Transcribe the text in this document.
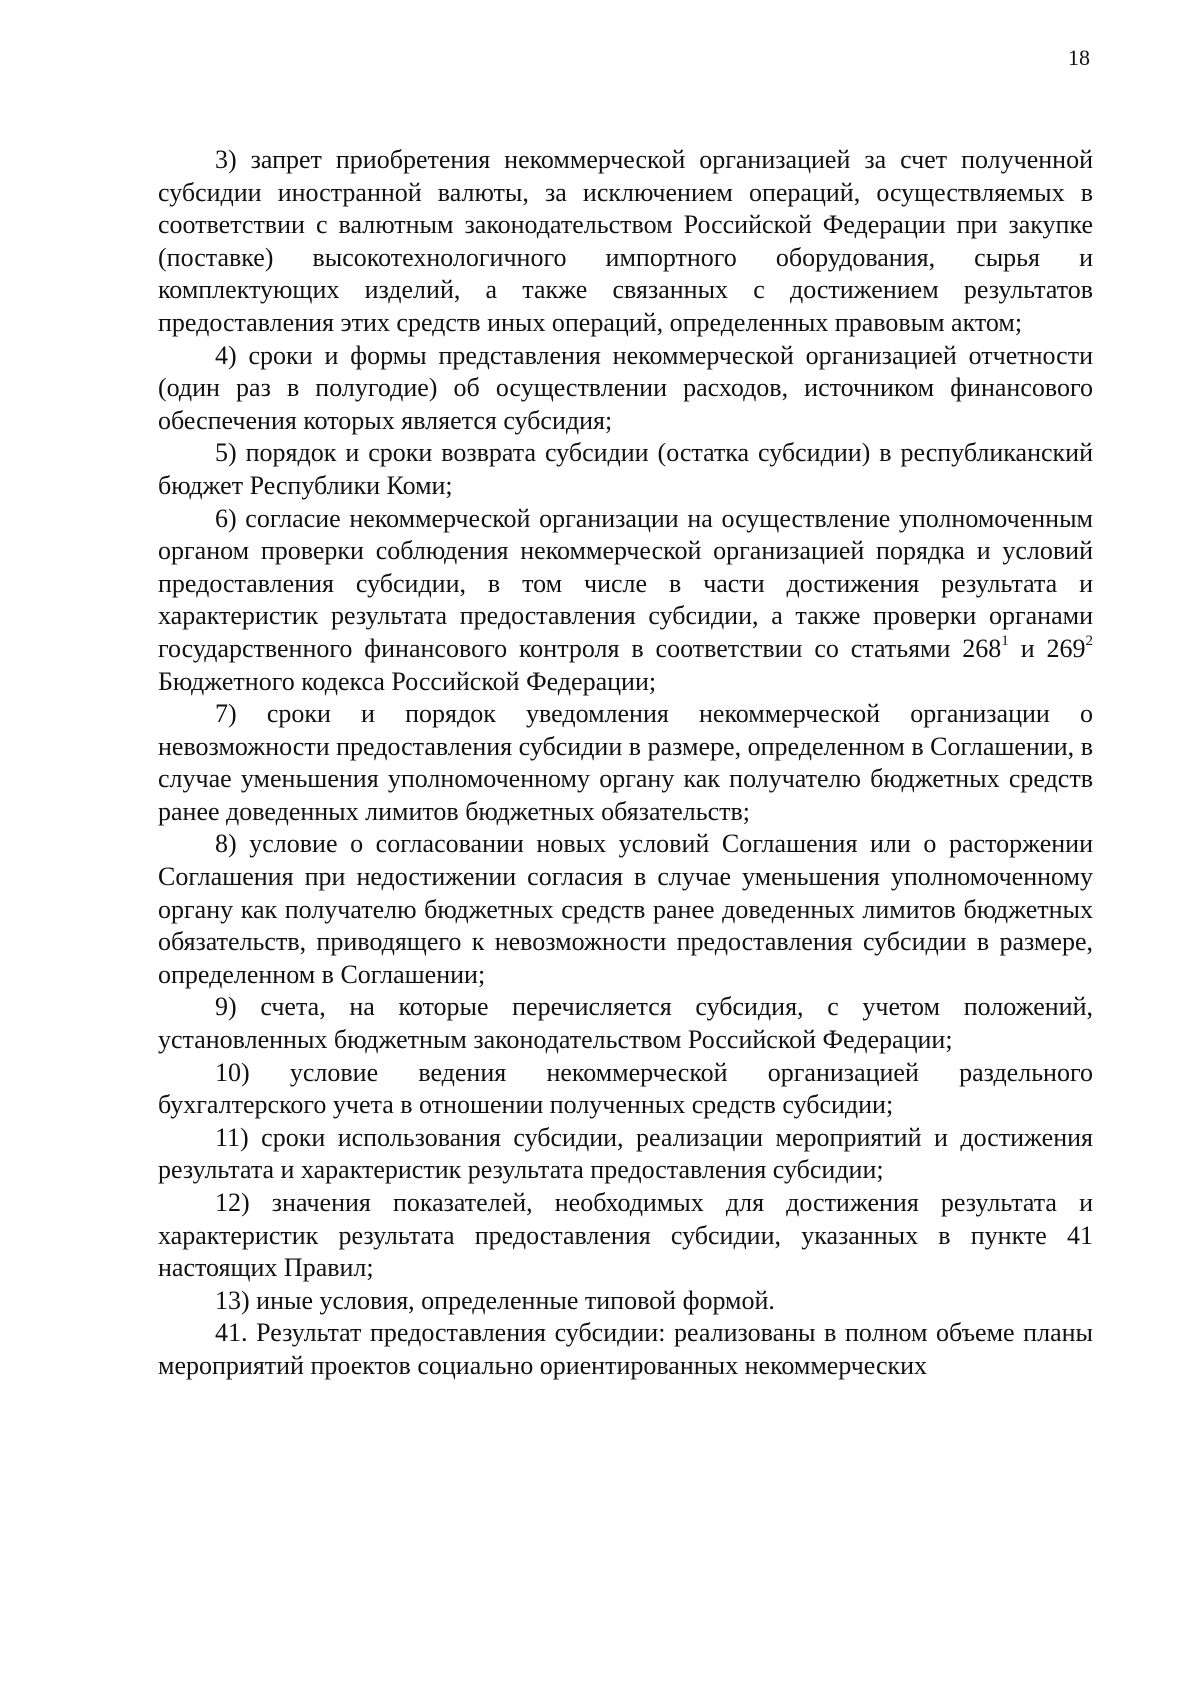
18

3) запрет приобретения некоммерческой организацией за счет полученной субсидии иностранной валюты, за исключением операций, осуществляемых в соответствии с валютным законодательством Российской Федерации при закупке (поставке) высокотехнологичного импортного оборудования, сырья и комплектующих изделий, а также связанных с достижением результатов предоставления этих средств иных операций, определенных правовым актом;

4) сроки и формы представления некоммерческой организацией отчетности (один раз в полугодие) об осуществлении расходов, источником финансового обеспечения которых является субсидия;

5) порядок и сроки возврата субсидии (остатка субсидии) в республиканский бюджет Республики Коми;

6) согласие некоммерческой организации на осуществление уполномоченным органом проверки соблюдения некоммерческой организацией порядка и условий предоставления субсидии, в том числе в части достижения результата и характеристик результата предоставления субсидии, а также проверки органами государственного финансового контроля в соответствии со статьями $268^1$ и $269^2$ Бюджетного кодекса Российской Федерации;

7) сроки и порядок уведомления некоммерческой организации о невозможности предоставления субсидии в размере, определенном в Соглашении, в случае уменьшения уполномоченному органу как получателю бюджетных средств ранее доведенных лимитов бюджетных обязательств;

8) условие о согласовании новых условий Соглашения или о расторжении Соглашения при недостижении согласия в случае уменьшения уполномоченному органу как получателю бюджетных средств ранее доведенных лимитов бюджетных обязательств, приводящего к невозможности предоставления субсидии в размере, определенном в Соглашении;

9) счета, на которые перечисляется субсидия, с учетом положений, установленных бюджетным законодательством Российской Федерации;

10) условие ведения некоммерческой организацией раздельного бухгалтерского учета в отношении полученных средств субсидии;

11) сроки использования субсидии, реализации мероприятий и достижения результата и характеристик результата предоставления субсидии;

12) значения показателей, необходимых для достижения результата и характеристик результата предоставления субсидии, указанных в пункте 41 настоящих Правил;

13) иные условия, определенные типовой формой.

41. Результат предоставления субсидии: реализованы в полном объеме планы мероприятий проектов социально ориентированных некоммерческих
